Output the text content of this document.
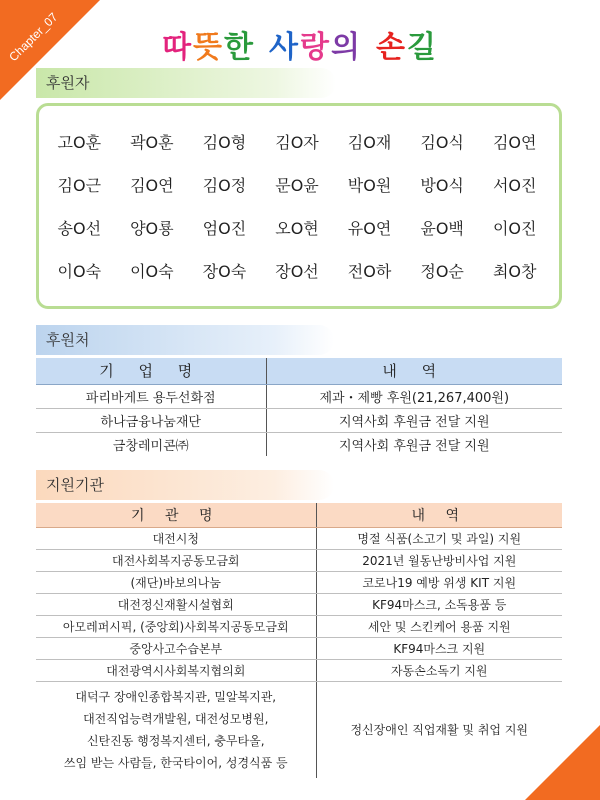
Chapter_07	따뜻한 사랑의 손길
후원자
고O훈	곽O훈	김O형	김O자	김O재	김O식	김O연
김O근	김O연	김O정	문O윤	박O원	방O식	서O진
송O선	양O룡	엄O진	오O현	유O연	윤O백	이O진
이O숙	이O숙	장O숙	장O선	전O하	정O순	최O창
후원처
기 업 명	내 역
파리바게트 용두선화점	제과・제빵 후원(21,267,400원)
하나금융나눔재단	지역사회 후원금 전달 지원
금창레미콘㈜	지역사회 후원금 전달 지원
지원기관
기 관 명	내 역
대전시청	명절 식품(소고기 및 과일) 지원
대전사회복지공동모금회	2021년 월동난방비사업 지원
(재단)바보의나눔	코로나19 예방 위생 KIT 지원
대전정신재활시설협회	KF94마스크, 소독용품 등
아모레퍼시픽, (중앙회)사회복지공동모금회	세안 및 스킨케어 용품 지원
중앙사고수습본부	KF94마스크 지원
대전광역시사회복지협의회	자동손소독기 지원

대덕구 장애인종합복지관, 밀알복지관,
대전직업능력개발원, 대전성모병원,
신탄진동 행정복지센터, 충무타올,
쓰임 받는 사람들, 한국타이어, 성경식품 등	정신장애인 직업재활 및 취업 지원
